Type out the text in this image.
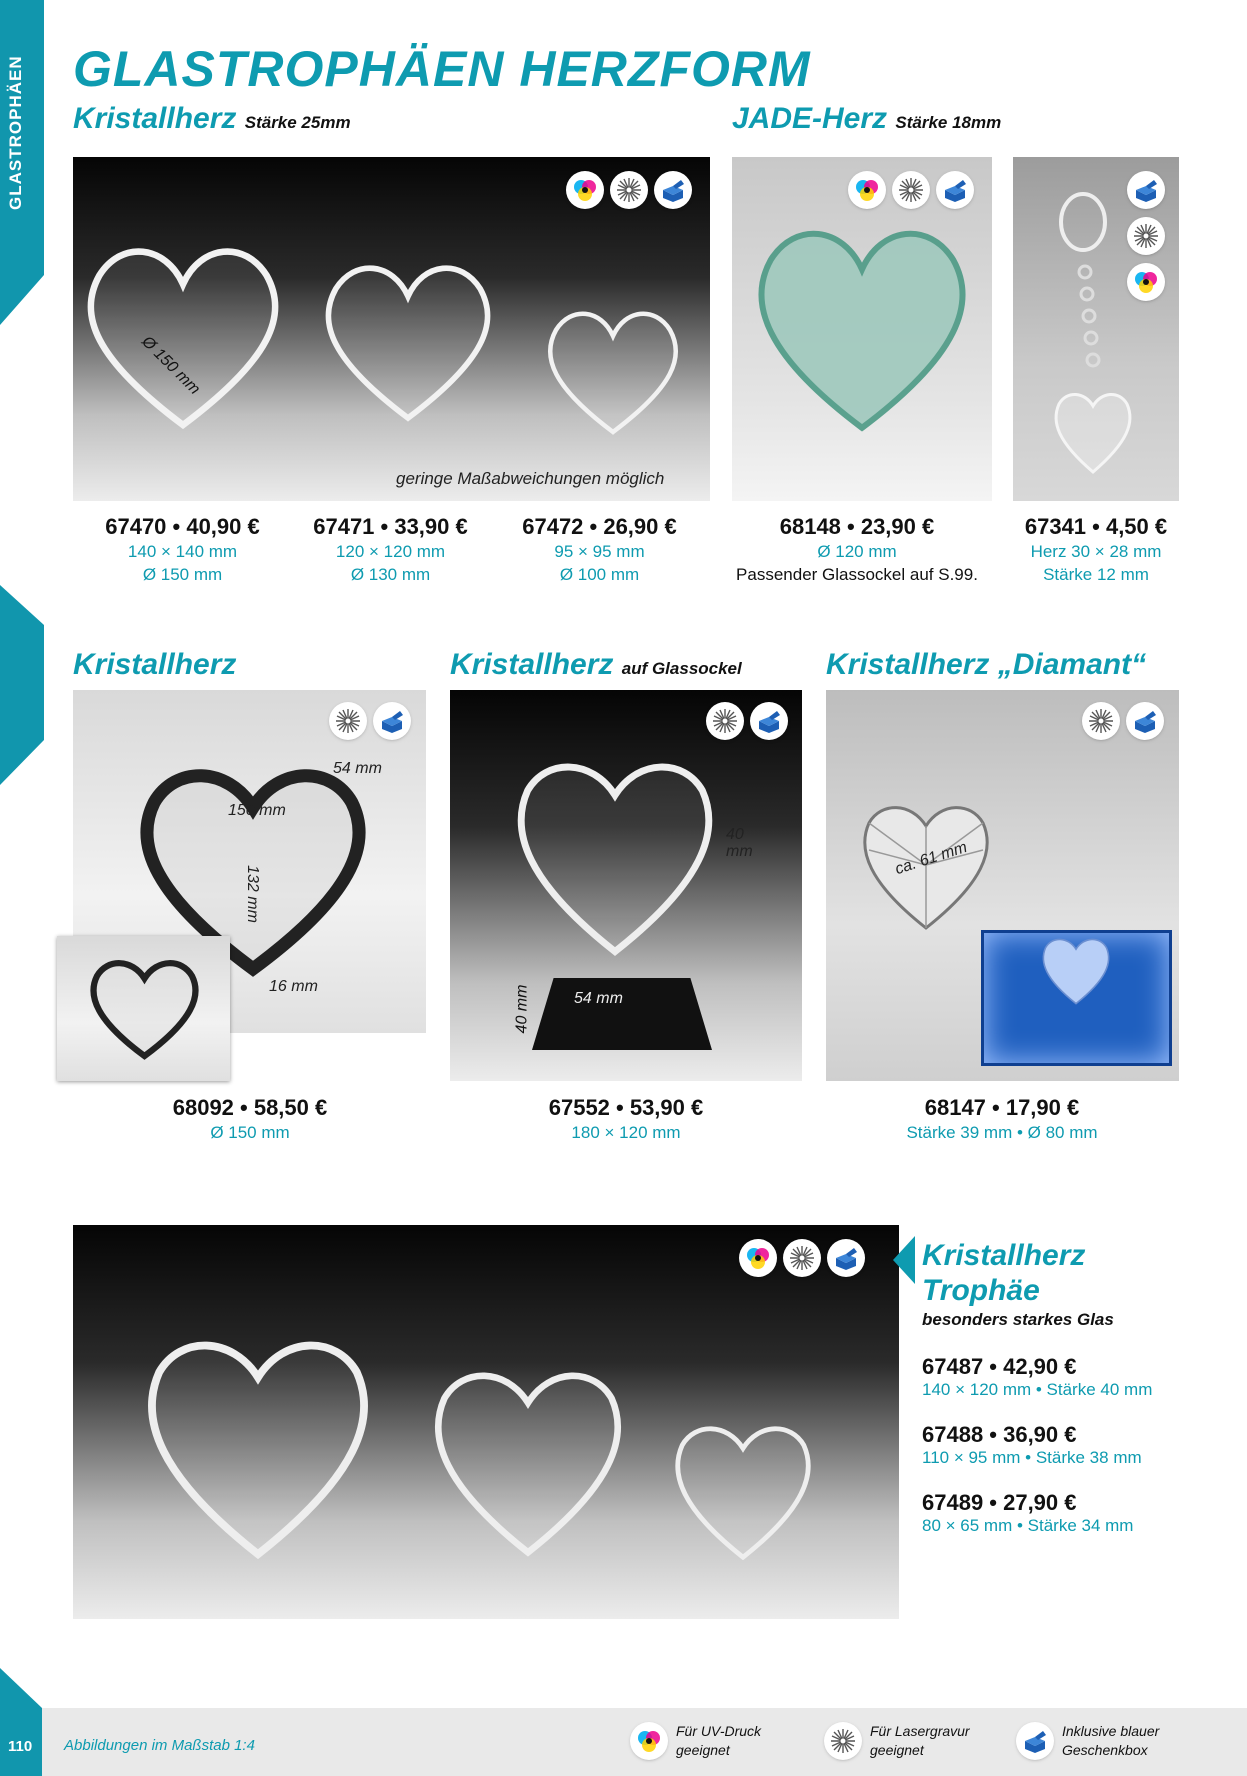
GLASTROPHÄEN GLASTROPHÄEN HERZFORM
Kristallherz Stärke 25mm
Ø 150 mm
geringe Maßabweichungen möglich
JADE-Herz Stärke 18mm
67470 • 40,90 €
140 × 140 mm
Ø 150 mm
67471 • 33,90 €
120 × 120 mm
Ø 130 mm
67472 • 26,90 €
95 × 95 mm
Ø 100 mm
68148 • 23,90 €
Ø 120 mm
Passender Glassockel auf S.99.
67341 • 4,50 €
Herz 30 × 28 mm
Stärke 12 mm
Kristallherz
54 mm
150 mm
132 mm
16 mm
Kristallherz auf Glassockel
40
mm
54 mm
40 mm
Kristallherz „Diamant“
ca. 61 mm
68092 • 58,50 €
Ø 150 mm
67552 • 53,90 €
180 × 120 mm
68147 • 17,90 €
Stärke 39 mm • Ø 80 mm
Kristallherz
Trophäe
besonders starkes Glas
67487 • 42,90 €
140 × 120 mm • Stärke 40 mm
67488 • 36,90 €
110 × 95 mm • Stärke 38 mm
67489 • 27,90 €
80 × 65 mm • Stärke 34 mm
110 Abbildungen im Maßstab 1:4
Für UV-Druck
geeignet
Für Lasergravur
geeignet
Inklusive blauer
Geschenkbox
